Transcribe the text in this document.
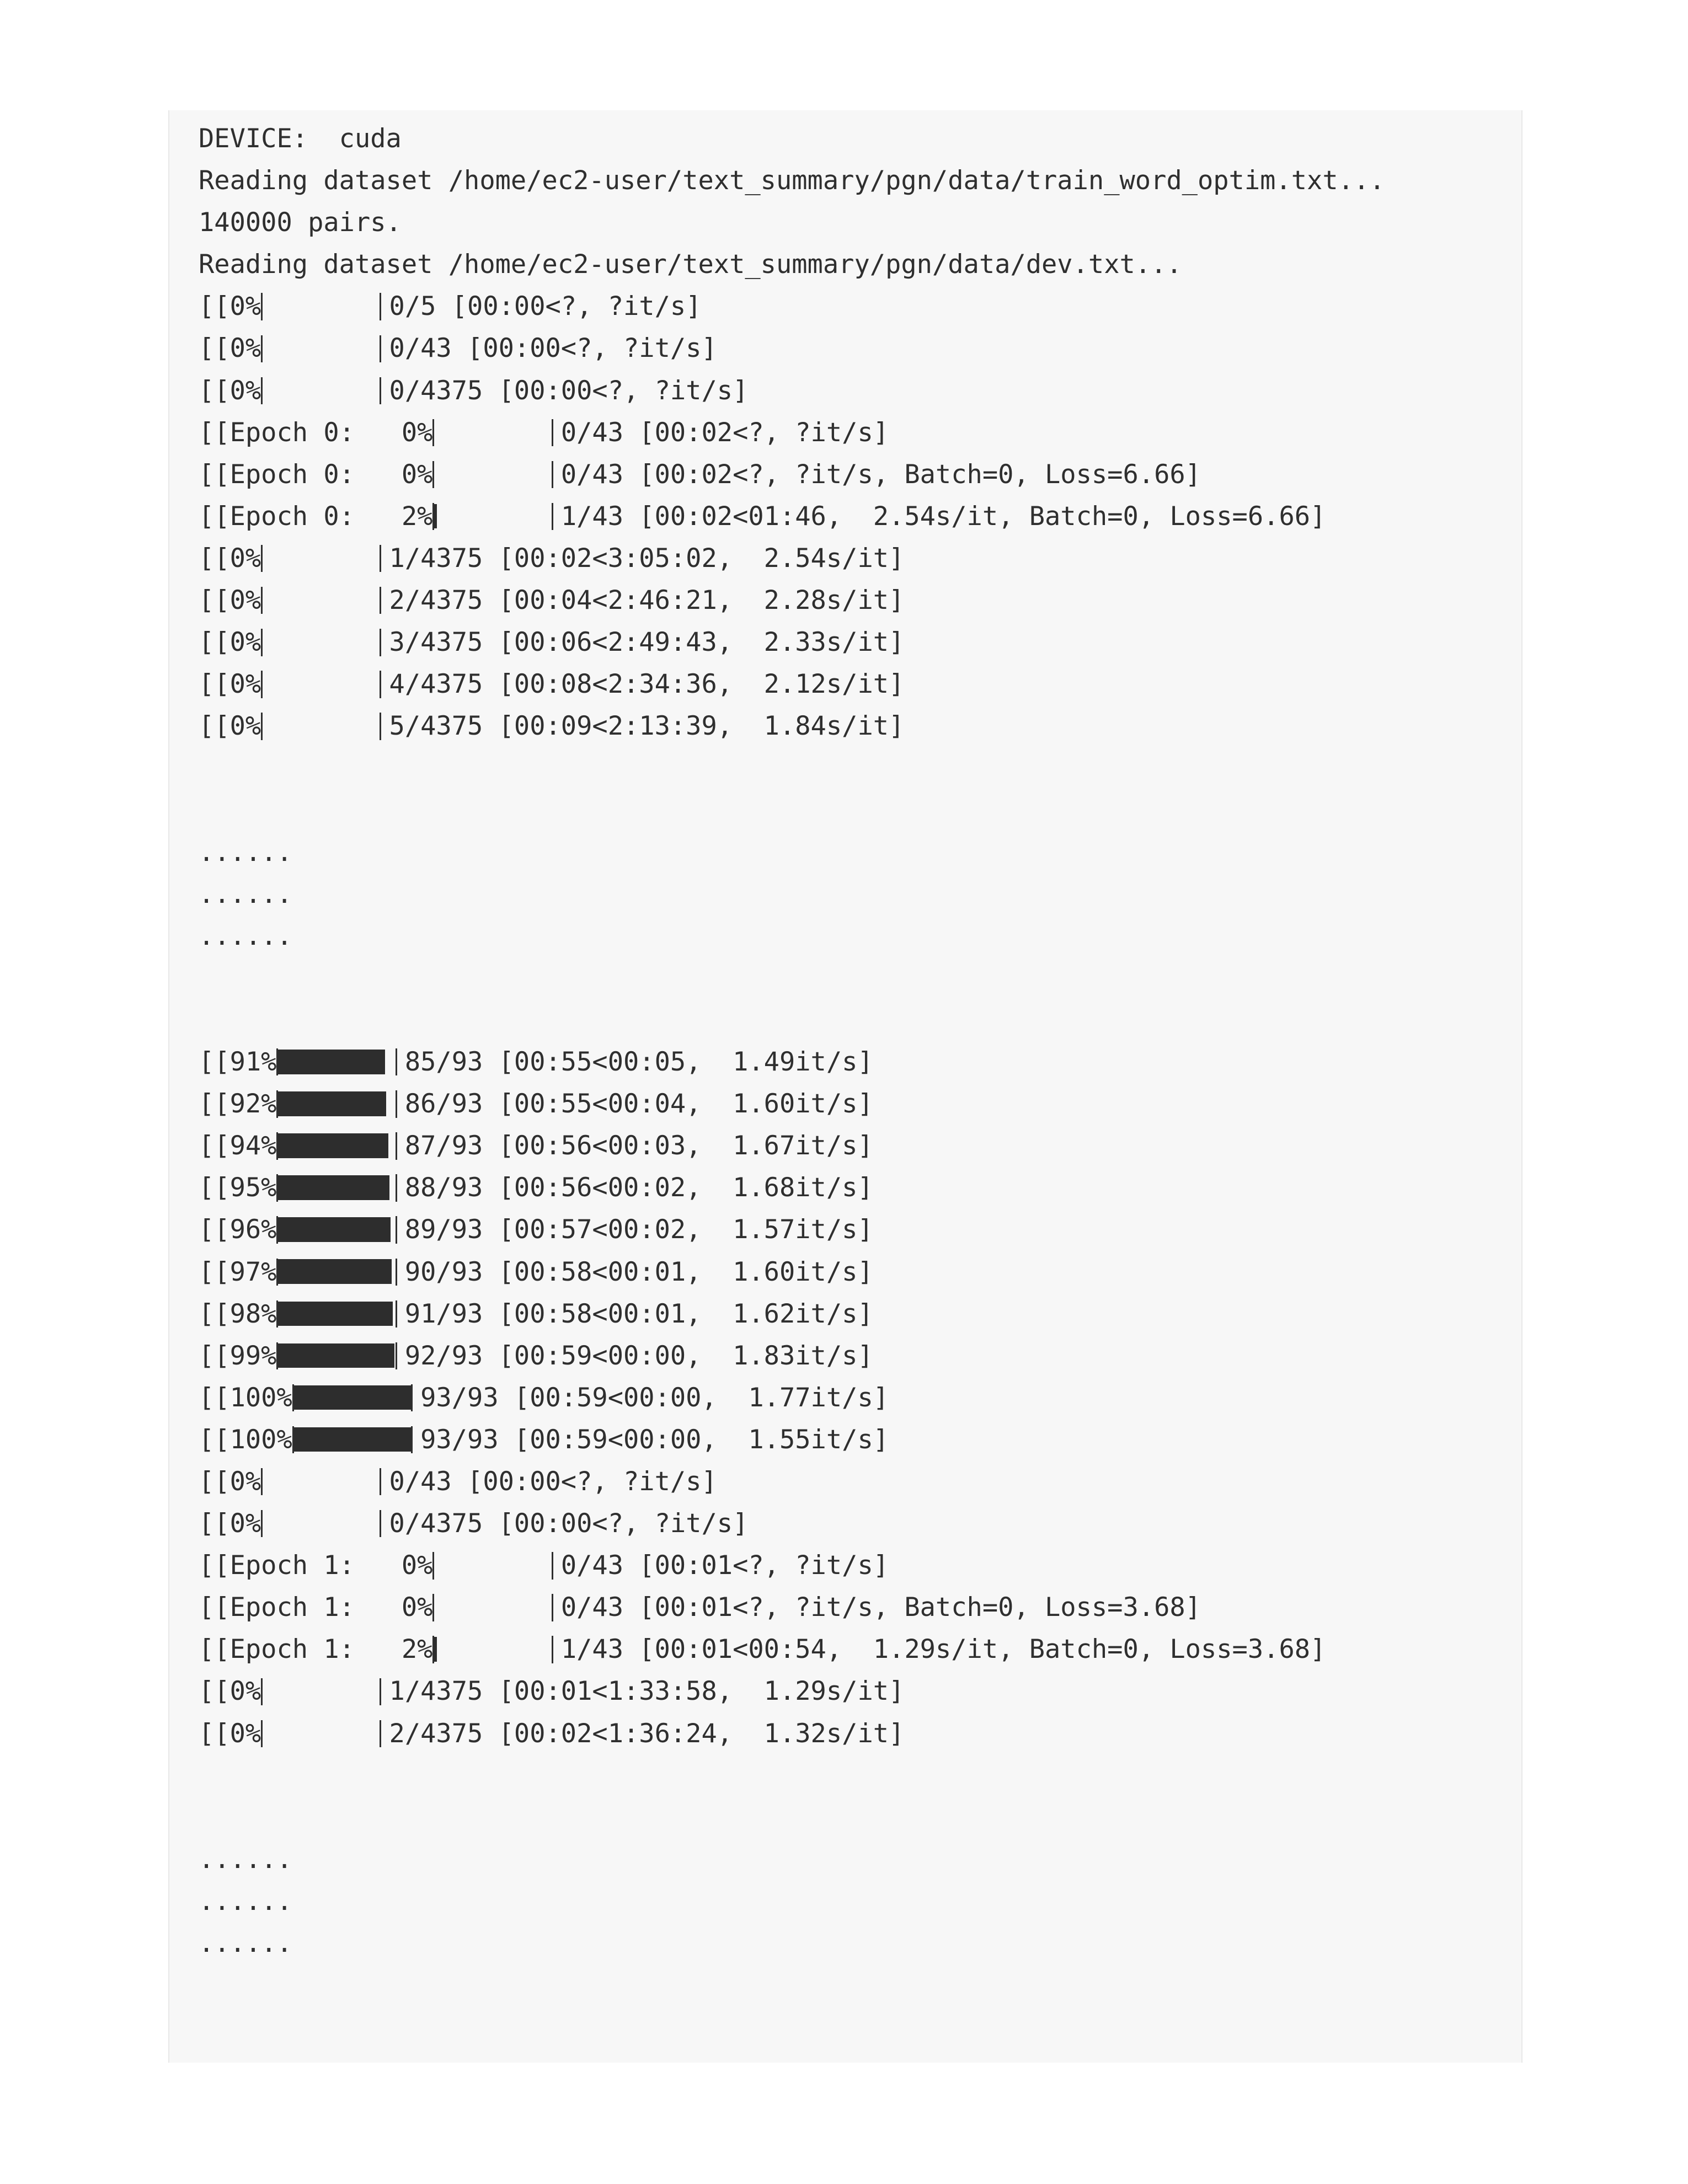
DEVICE:  cuda
Reading dataset /home/ec2-user/text_summary/pgn/data/train_word_optim.txt...
140000 pairs.
Reading dataset /home/ec2-user/text_summary/pgn/data/dev.txt...
[[0%	0/5 [00:00<?, ?it/s]
[[0%	0/43 [00:00<?, ?it/s]
[[0%	0/4375 [00:00<?, ?it/s]
[[Epoch 0:   0%	0/43 [00:02<?, ?it/s]
[[Epoch 0:   0%	0/43 [00:02<?, ?it/s, Batch=0, Loss=6.66]
[[Epoch 0:   2%	1/43 [00:02<01:46,  2.54s/it, Batch=0, Loss=6.66]
[[0%	1/4375 [00:02<3:05:02,  2.54s/it]
[[0%	2/4375 [00:04<2:46:21,  2.28s/it]
[[0%	3/4375 [00:06<2:49:43,  2.33s/it]
[[0%	4/4375 [00:08<2:34:36,  2.12s/it]
[[0%	5/4375 [00:09<2:13:39,  1.84s/it]

......
......
......

[[91%	85/93 [00:55<00:05,  1.49it/s]
[[92%	86/93 [00:55<00:04,  1.60it/s]
[[94%	87/93 [00:56<00:03,  1.67it/s]
[[95%	88/93 [00:56<00:02,  1.68it/s]
[[96%	89/93 [00:57<00:02,  1.57it/s]
[[97%	90/93 [00:58<00:01,  1.60it/s]
[[98%	91/93 [00:58<00:01,  1.62it/s]
[[99%	92/93 [00:59<00:00,  1.83it/s]
[[100%	93/93 [00:59<00:00,  1.77it/s]
[[100%	93/93 [00:59<00:00,  1.55it/s]
[[0%	0/43 [00:00<?, ?it/s]
[[0%	0/4375 [00:00<?, ?it/s]
[[Epoch 1:   0%	0/43 [00:01<?, ?it/s]
[[Epoch 1:   0%	0/43 [00:01<?, ?it/s, Batch=0, Loss=3.68]
[[Epoch 1:   2%	1/43 [00:01<00:54,  1.29s/it, Batch=0, Loss=3.68]
[[0%	1/4375 [00:01<1:33:58,  1.29s/it]
[[0%	2/4375 [00:02<1:36:24,  1.32s/it]

......
......
......
